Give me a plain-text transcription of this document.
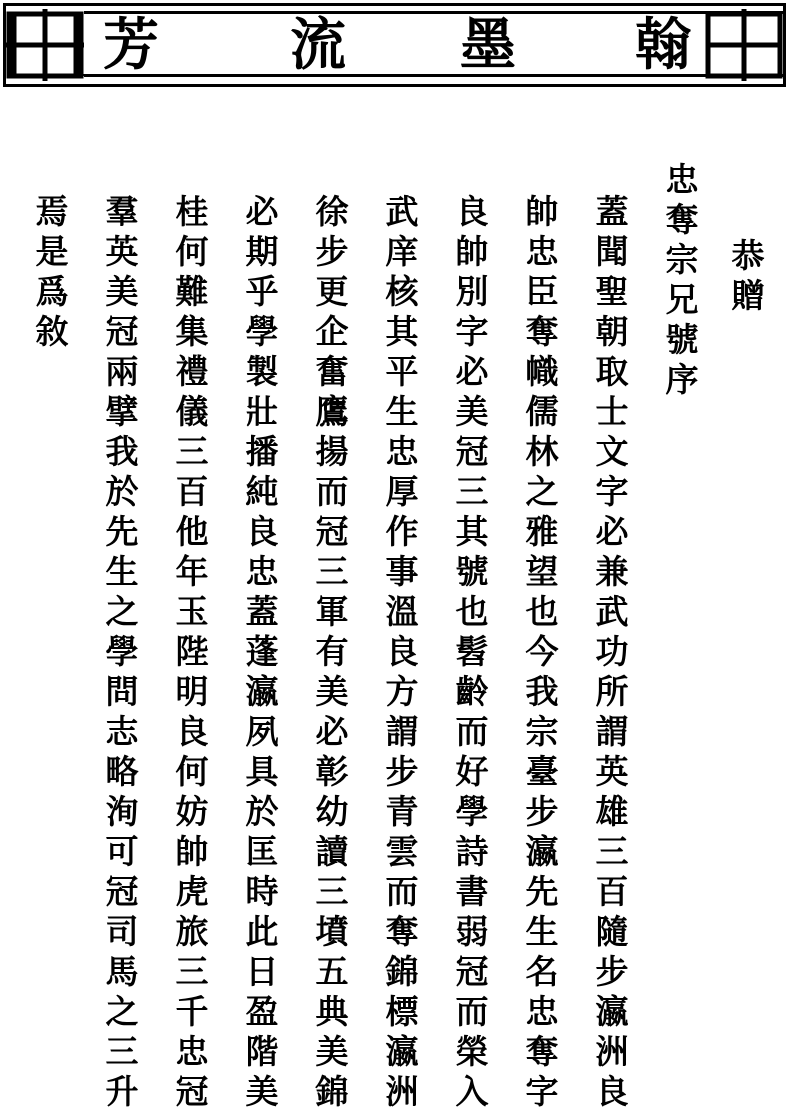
芳 流 墨 翰
恭
贈
忠
奪
宗
兄
號
序
蓋
聞
聖
朝
取
士
文
字
必
兼
武
功
所
謂
英
雄
三
百
隨
步
瀛
洲
良
帥
忠
臣
奪
幟
儒
林
之
雅
望
也
今
我
宗
臺
步
瀛
先
生
名
忠
奪
字
良
帥
別
字
必
美
冠
三
其
號
也
髫
齡
而
好
學
詩
書
弱
冠
而
榮
入
武
庠
核
其
平
生
忠
厚
作
事
溫
良
方
謂
步
青
雲
而
奪
錦
標
瀛
洲
徐
步
更
企
奮
鷹
揚
而
冠
三
軍
有
美
必
彰
幼
讀
三
墳
五
典
美
錦
必
期
乎
學
製
壯
播
純
良
忠
蓋
蓬
瀛
夙
具
於
匡
時
此
日
盈
階
美
桂
何
難
集
禮
儀
三
百
他
年
玉
陛
明
良
何
妨
帥
虎
旅
三
千
忠
冠
羣
英
美
冠
兩
擘
我
於
先
生
之
學
問
志
略
洵
可
冠
司
馬
之
三
升
焉
是
爲
敘
